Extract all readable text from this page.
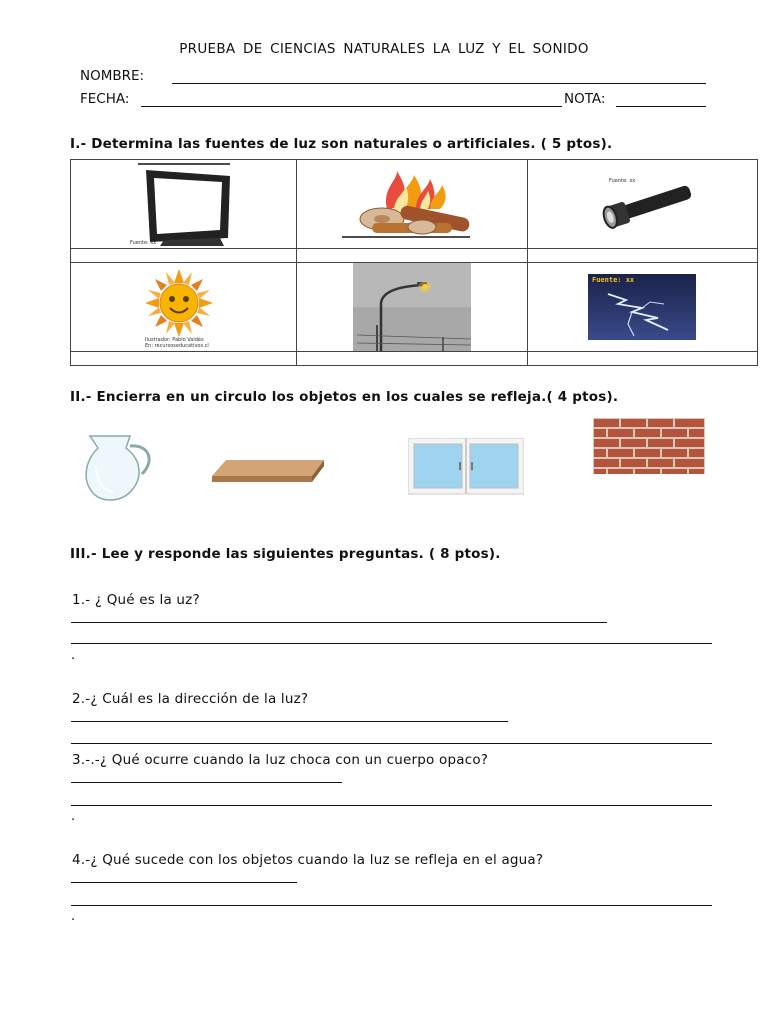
PRUEBA DE CIENCIAS NATURALES LA LUZ Y EL SONIDO
NOMBRE:
FECHA:	NOTA:
I.- Determina las fuentes de luz son naturales o artificiales. ( 5 ptos).
Fuente: xx		Fuente: xx

Ilustrador: Pablo Valdés
En: recursoseducativos.cl		Fuente: xx

II.- Encierra en un circulo los objetos en los cuales se refleja.( 4 ptos).
III.- Lee y responde las siguientes preguntas. ( 8 ptos).
1.- ¿ Qué es la uz?
.
2.-¿ Cuál es la dirección de la luz?
3.-.-¿ Qué ocurre cuando la luz choca con un cuerpo opaco?
.
4.-¿ Qué sucede con los objetos cuando la luz se refleja en el agua?
.
